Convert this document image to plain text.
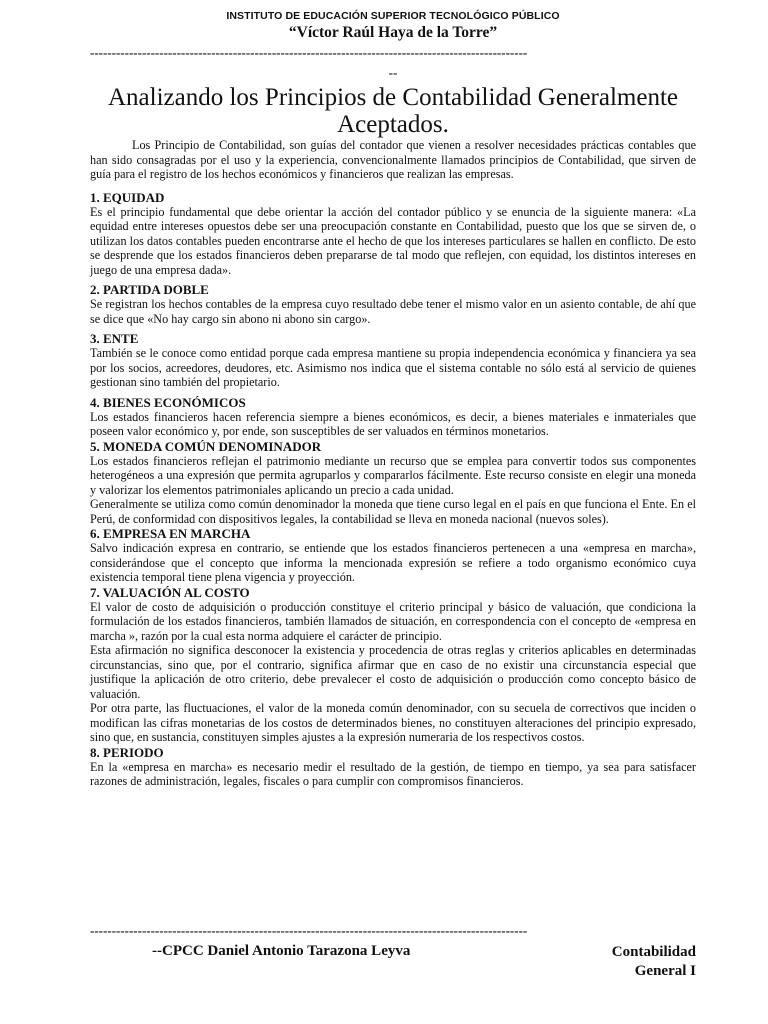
INSTITUTO DE EDUCACIÓN SUPERIOR TECNOLÓGICO PÚBLICO
“Víctor Raúl Haya de la Torre”
-----------------------------------------------------------------------------------------------------
--
Analizando los Principios de Contabilidad Generalmente Aceptados.

Los Principio de Contabilidad, son guías del contador que vienen a resolver necesidades prácticas contables que han sido consagradas por el uso y la experiencia, convencionalmente llamados principios de Contabilidad, que sirven de guía para el registro de los hechos económicos y financieros que realizan las empresas.

1. EQUIDAD

Es el principio fundamental que debe orientar la acción del contador público y se enuncia de la siguiente manera: «La equidad entre intereses opuestos debe ser una preocupación constante en Contabilidad, puesto que los que se sirven de, o utilizan los datos contables pueden encontrarse ante el hecho de que los intereses particulares se hallen en conflicto. De esto se desprende que los estados financieros deben prepararse de tal modo que reflejen, con equidad, los distintos intereses en juego de una empresa dada».

2. PARTIDA DOBLE

Se registran los hechos contables de la empresa cuyo resultado debe tener el mismo valor en un asiento contable, de ahí que se dice que «No hay cargo sin abono ni abono sin cargo».

3. ENTE

También se le conoce como entidad porque cada empresa mantiene su propia independencia económica y financiera ya sea por los socios, acreedores, deudores, etc. Asimismo nos indica que el sistema contable no sólo está al servicio de quienes gestionan sino también del propietario.

4. BIENES ECONÓMICOS

Los estados financieros hacen referencia siempre a bienes económicos, es decir, a bienes materiales e inmateriales que poseen valor económico y, por ende, son susceptibles de ser valuados en términos monetarios.

5. MONEDA COMÚN DENOMINADOR

Los estados financieros reflejan el patrimonio mediante un recurso que se emplea para convertir todos sus componentes heterogéneos a una expresión que permita agruparlos y compararlos fácilmente. Este recurso consiste en elegir una moneda y valorizar los elementos patrimoniales aplicando un precio a cada unidad.

Generalmente se utiliza como común denominador la moneda que tiene curso legal en el país en que funciona el Ente. En el Perú, de conformidad con dispositivos legales, la contabilidad se lleva en moneda nacional (nuevos soles).

6. EMPRESA EN MARCHA

Salvo indicación expresa en contrario, se entiende que los estados financieros pertenecen a una «empresa en marcha», considerándose que el concepto que informa la mencionada expresión se refiere a todo organismo económico cuya existencia temporal tiene plena vigencia y proyección.

7. VALUACIÓN AL COSTO

El valor de costo de adquisición o producción constituye el criterio principal y básico de valuación, que condiciona la formulación de los estados financieros, también llamados de situación, en correspondencia con el concepto de «empresa en marcha », razón por la cual esta norma adquiere el carácter de principio.

Esta afirmación no significa desconocer la existencia y procedencia de otras reglas y criterios aplicables en determinadas circunstancias, sino que, por el contrario, significa afirmar que en caso de no existir una circunstancia especial que justifique la aplicación de otro criterio, debe prevalecer el costo de adquisición o producción como concepto básico de valuación.

Por otra parte, las fluctuaciones, el valor de la moneda común denominador, con su secuela de correctivos que inciden o modifican las cifras monetarias de los costos de determinados bienes, no constituyen alteraciones del principio expresado, sino que, en sustancia, constituyen simples ajustes a la expresión numeraria de los respectivos costos.

8. PERIODO

En la «empresa en marcha» es necesario medir el resultado de la gestión, de tiempo en tiempo, ya sea para satisfacer razones de administración, legales, fiscales o para cumplir con compromisos financieros.

-----------------------------------------------------------------------------------------------------
--CPCC Daniel Antonio Tarazona Leyva	Contabilidad
General I
